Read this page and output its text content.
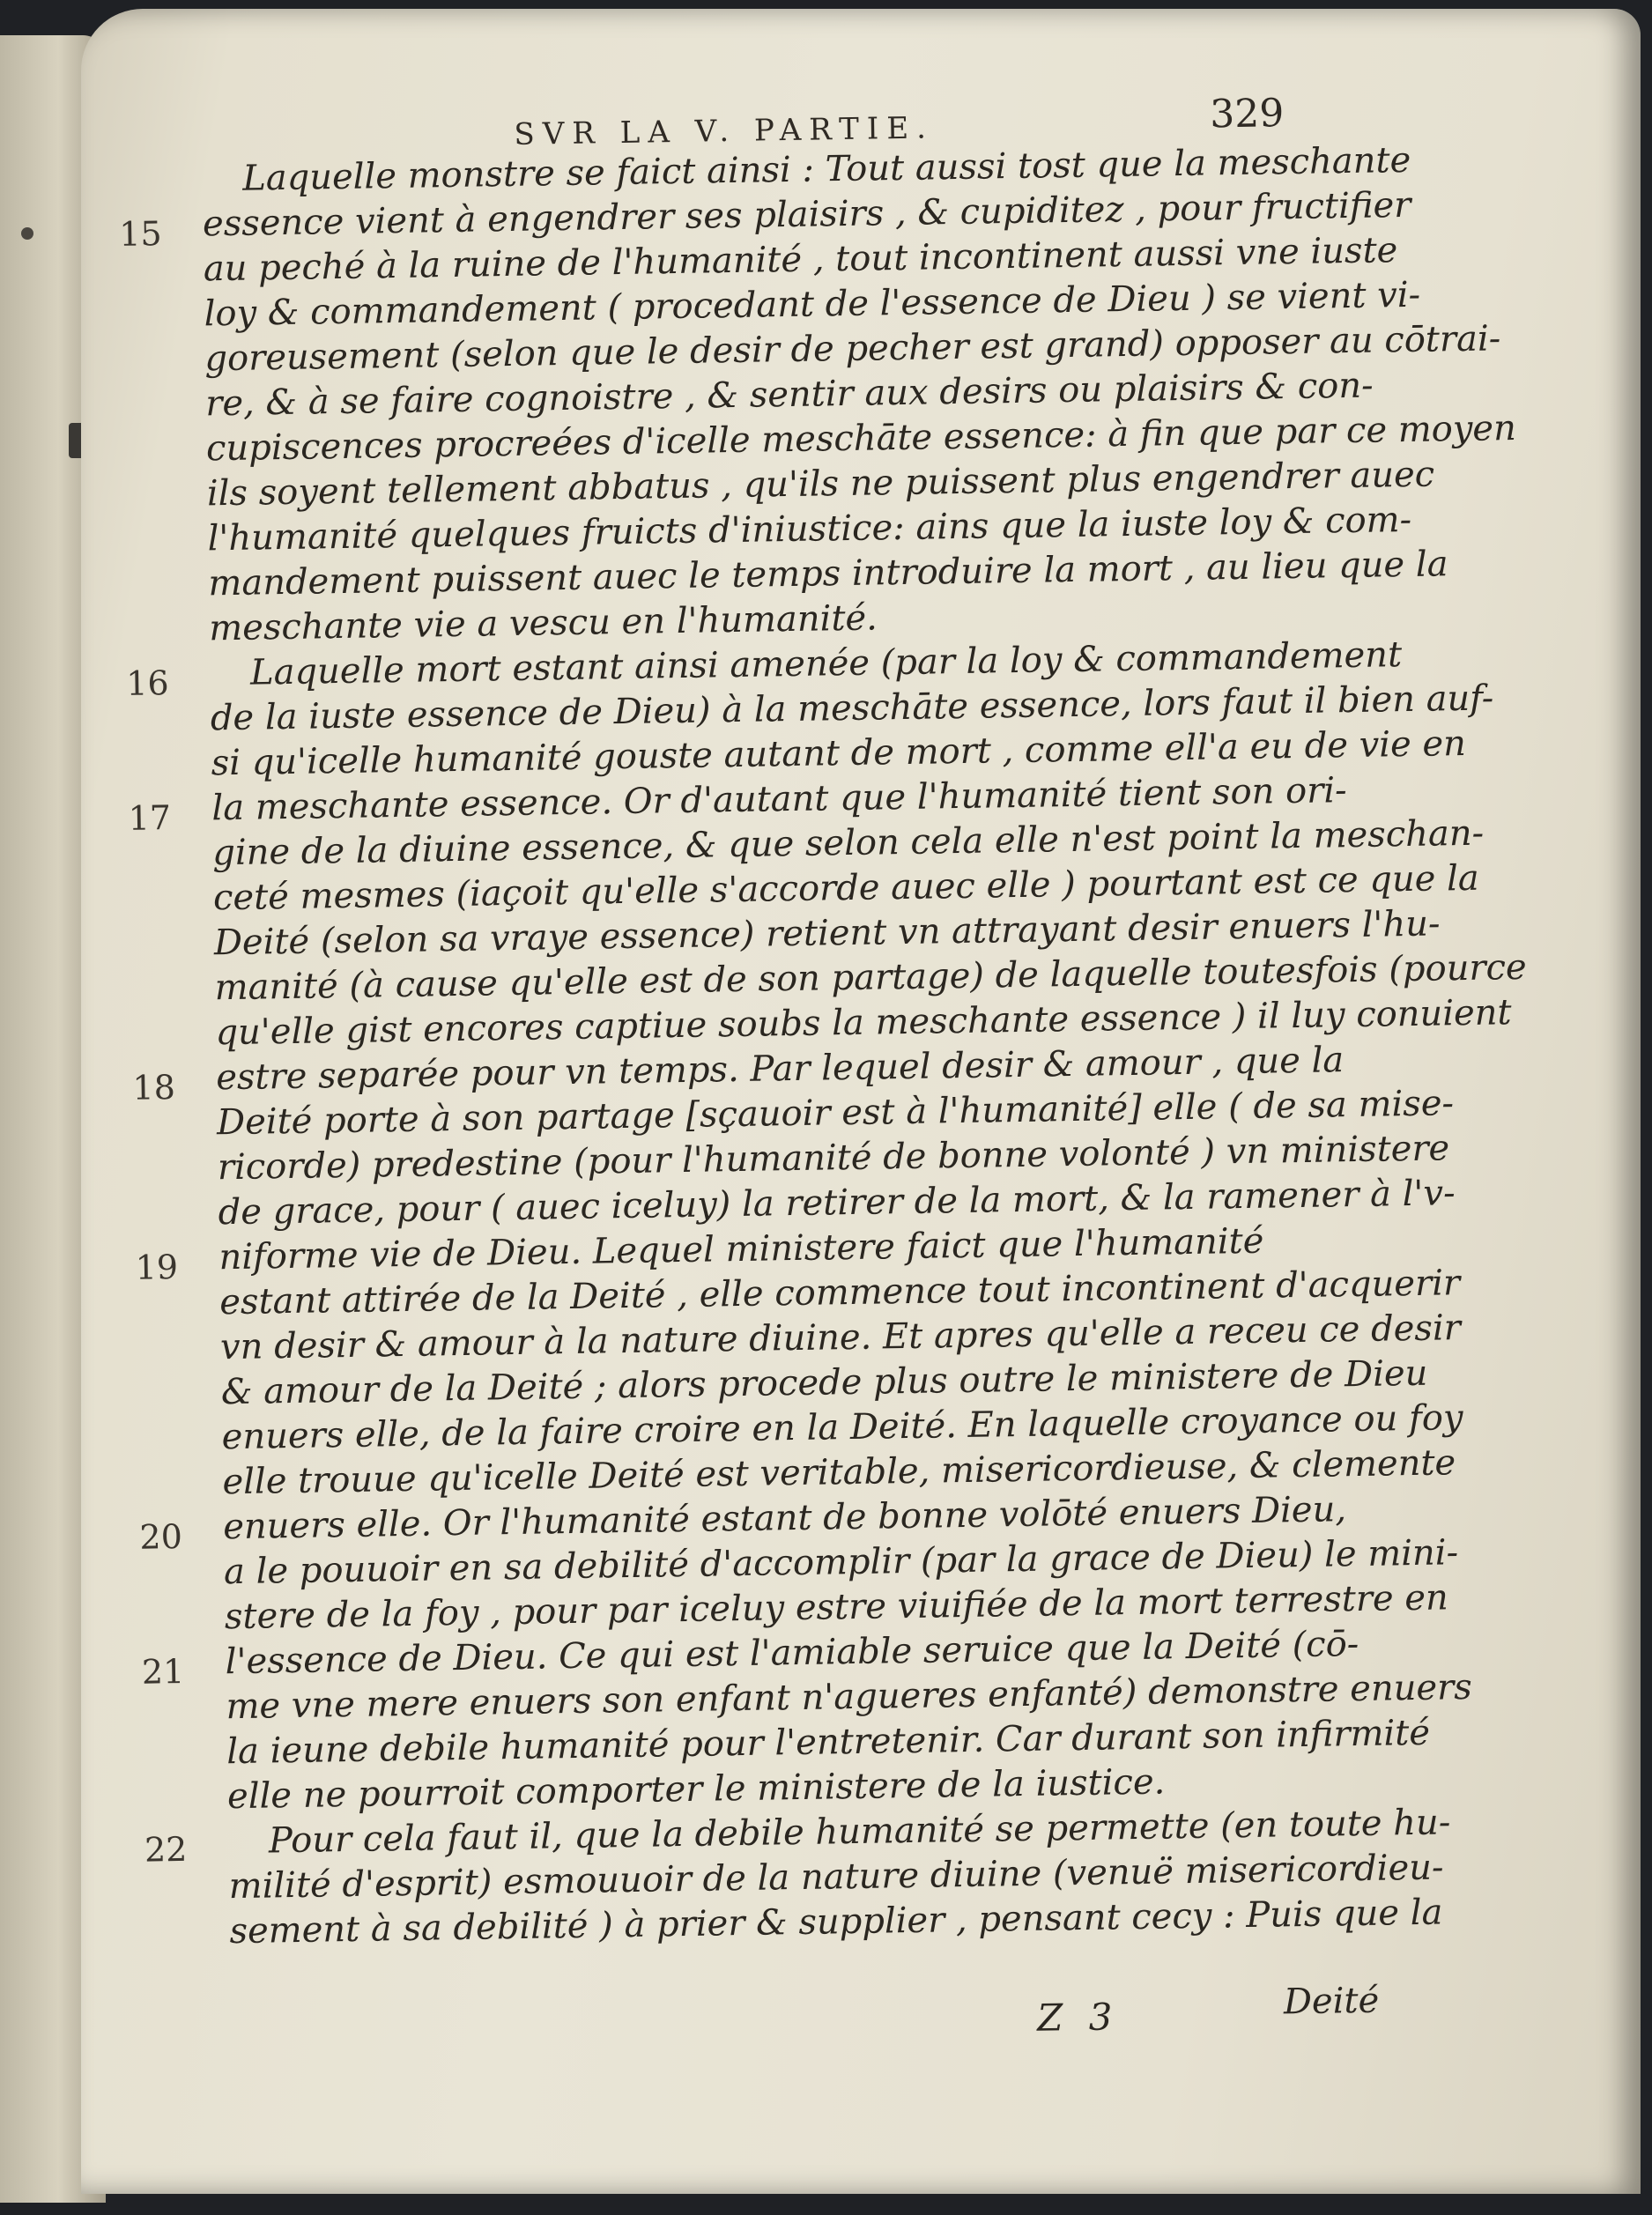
SVR LA V. PARTIE.	329
15
16
17
18
19
20
21
22
Laquelle monstre se faict ainsi : Tout aussi tost que la meschante
essence vient à engendrer ses plaisirs , & cupiditez , pour fructifier
au peché à la ruine de l'humanité , tout incontinent aussi vne iuste
loy & commandement ( procedant de l'essence de Dieu ) se vient vi-
goreusement (selon que le desir de pecher est grand) opposer au cōtrai-
re, & à se faire cognoistre , & sentir aux desirs ou plaisirs & con-
cupiscences procreées d'icelle meschāte essence: à fin que par ce moyen
ils soyent tellement abbatus , qu'ils ne puissent plus engendrer auec
l'humanité quelques fruicts d'iniustice: ains que la iuste loy & com-
mandement puissent auec le temps introduire la mort , au lieu que la
meschante vie a vescu en l'humanité.
Laquelle mort estant ainsi amenée (par la loy & commandement
de la iuste essence de Dieu) à la meschāte essence, lors faut il bien auf-
si qu'icelle humanité gouste autant de mort , comme ell'a eu de vie en
la meschante essence. Or d'autant que l'humanité tient son ori-
gine de la diuine essence, & que selon cela elle n'est point la meschan-
ceté mesmes (iaçoit qu'elle s'accorde auec elle ) pourtant est ce que la
Deité (selon sa vraye essence) retient vn attrayant desir enuers l'hu-
manité (à cause qu'elle est de son partage) de laquelle toutesfois (pource
qu'elle gist encores captiue soubs la meschante essence ) il luy conuient
estre separée pour vn temps. Par lequel desir & amour , que la
Deité porte à son partage [sçauoir est à l'humanité] elle ( de sa mise-
ricorde) predestine (pour l'humanité de bonne volonté ) vn ministere
de grace, pour ( auec iceluy) la retirer de la mort, & la ramener à l'v-
niforme vie de Dieu. Lequel ministere faict que l'humanité
estant attirée de la Deité , elle commence tout incontinent d'acquerir
vn desir & amour à la nature diuine. Et apres qu'elle a receu ce desir
& amour de la Deité ; alors procede plus outre le ministere de Dieu
enuers elle, de la faire croire en la Deité. En laquelle croyance ou foy
elle trouue qu'icelle Deité est veritable, misericordieuse, & clemente
enuers elle. Or l'humanité estant de bonne volōté enuers Dieu,
a le pouuoir en sa debilité d'accomplir (par la grace de Dieu) le mini-
stere de la foy , pour par iceluy estre viuifiée de la mort terrestre en
l'essence de Dieu. Ce qui est l'amiable seruice que la Deité (cō-
me vne mere enuers son enfant n'agueres enfanté) demonstre enuers
la ieune debile humanité pour l'entretenir. Car durant son infirmité
elle ne pourroit comporter le ministere de la iustice.
Pour cela faut il, que la debile humanité se permette (en toute hu-
milité d'esprit) esmouuoir de la nature diuine (venuë misericordieu-
sement à sa debilité ) à prier & supplier , pensant cecy : Puis que la
Z 3	Deité
